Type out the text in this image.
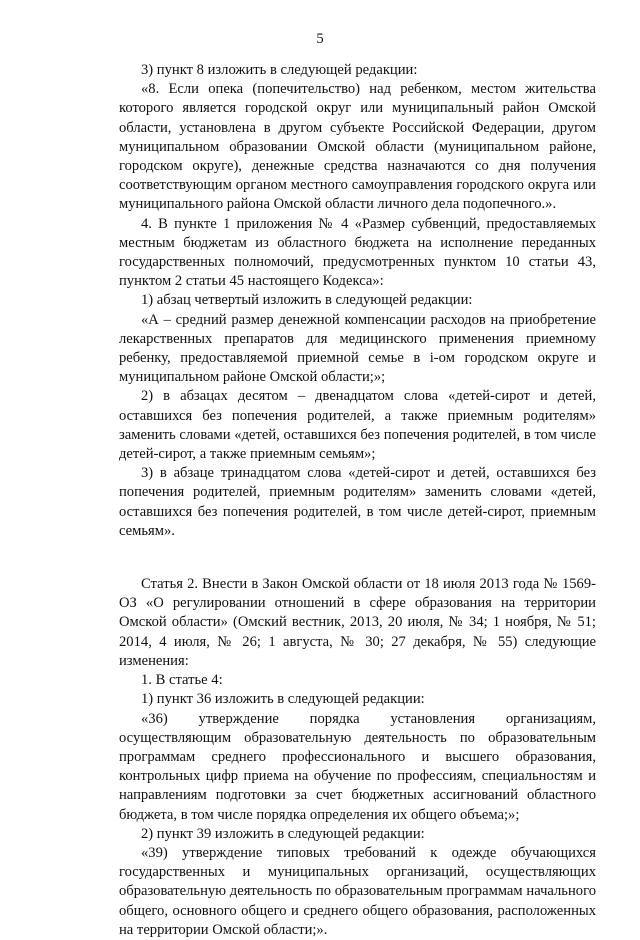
5

3) пункт 8 изложить в следующей редакции:

«8. Если опека (попечительство) над ребенком, местом жительства которого является городской округ или муниципальный район Омской области, установлена в другом субъекте Российской Федерации, другом муниципальном образовании Омской области (муниципальном районе, городском округе), денежные средства назначаются со дня получения соответствующим органом местного самоуправления городского округа или муниципального района Омской области личного дела подопечного.».

4. В пункте 1 приложения № 4 «Размер субвенций, предоставляемых местным бюджетам из областного бюджета на исполнение переданных государственных полномочий, предусмотренных пунктом 10 статьи 43, пунктом 2 статьи 45 настоящего Кодекса»:

1) абзац четвертый изложить в следующей редакции:

«А – средний размер денежной компенсации расходов на приобретение лекарственных препаратов для медицинского применения приемному ребенку, предоставляемой приемной семье в i-ом городском округе и муниципальном районе Омской области;»;

2) в абзацах десятом – двенадцатом слова «детей-сирот и детей, оставшихся без попечения родителей, а также приемным родителям» заменить словами «детей, оставшихся без попечения родителей, в том числе детей-сирот, а также приемным семьям»;

3) в абзаце тринадцатом слова «детей-сирот и детей, оставшихся без попечения родителей, приемным родителям» заменить словами «детей, оставшихся без попечения родителей, в том числе детей-сирот, приемным семьям».

Статья 2. Внести в Закон Омской области от 18 июля 2013 года № 1569-ОЗ «О регулировании отношений в сфере образования на территории Омской области» (Омский вестник, 2013, 20 июля, № 34; 1 ноября, № 51; 2014, 4 июля, № 26; 1 августа, № 30; 27 декабря, № 55) следующие изменения:

1. В статье 4:

1) пункт 36 изложить в следующей редакции:

«36) утверждение порядка установления организациям, осуществляющим образовательную деятельность по образовательным программам среднего профессионального и высшего образования, контрольных цифр приема на обучение по профессиям, специальностям и направлениям подготовки за счет бюджетных ассигнований областного бюджета, в том числе порядка определения их общего объема;»;

2) пункт 39 изложить в следующей редакции:

«39) утверждение типовых требований к одежде обучающихся государственных и муниципальных организаций, осуществляющих образовательную деятельность по образовательным программам начального общего, основного общего и среднего общего образования, расположенных на территории Омской области;».
